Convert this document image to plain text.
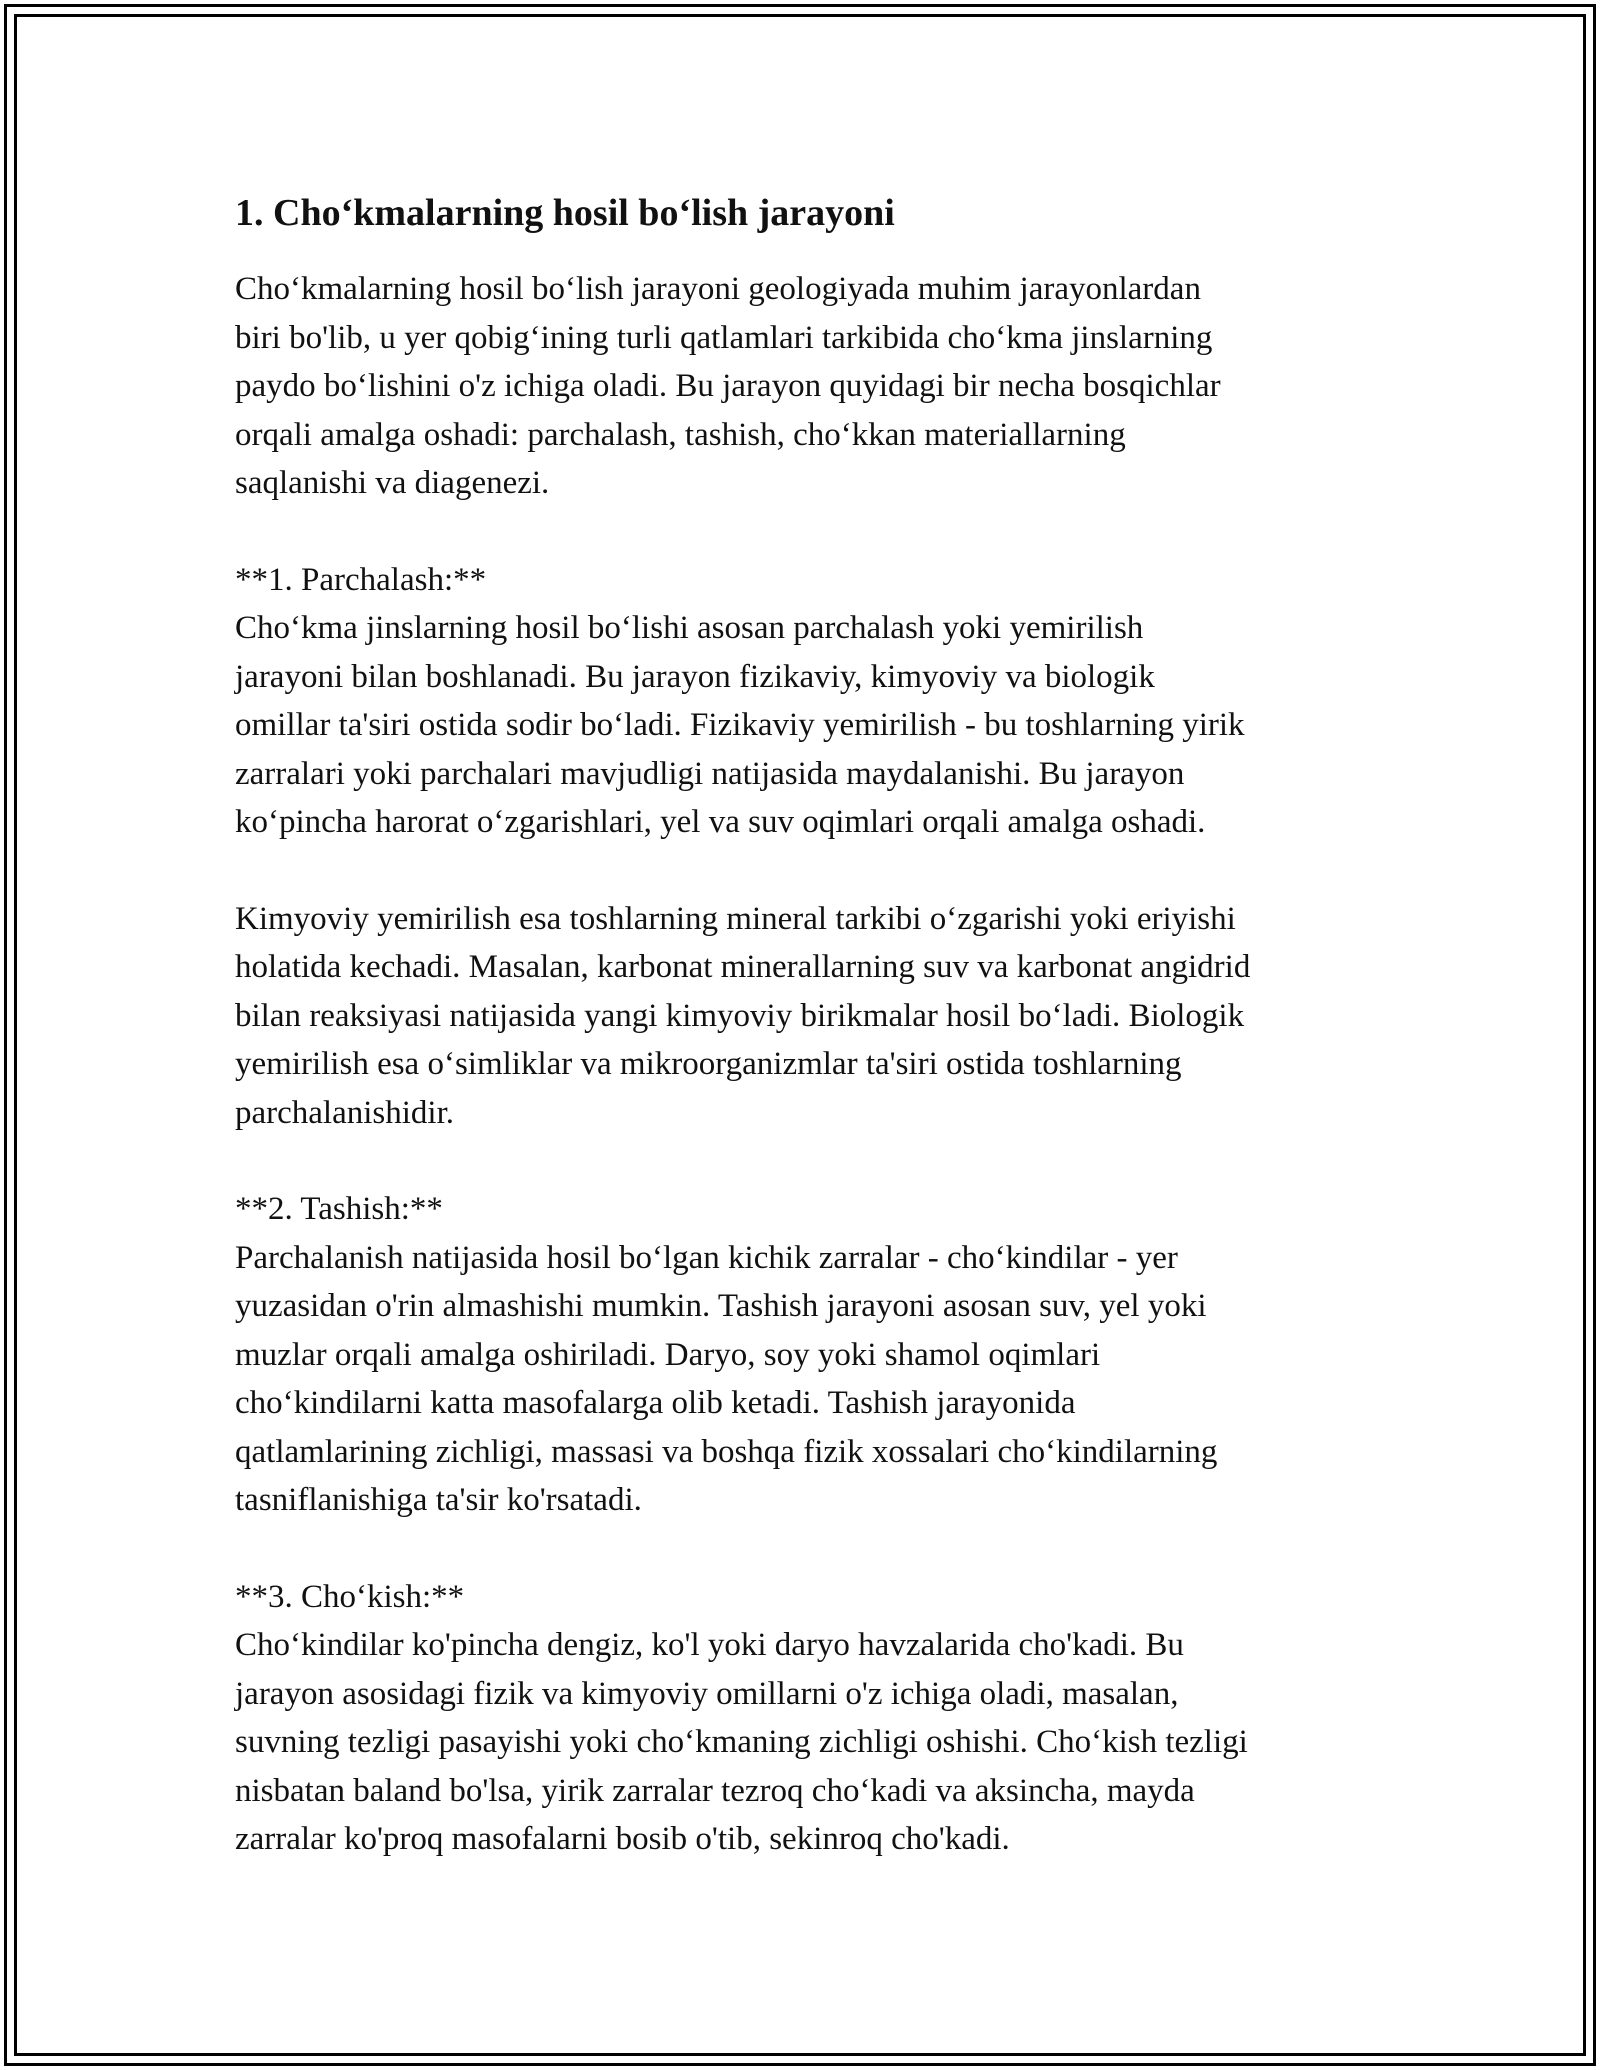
1. Cho‘kmalarning hosil bo‘lish jarayoni
Cho‘kmalarning hosil bo‘lish jarayoni geologiyada muhim jarayonlardan
biri bo'lib, u yer qobig‘ining turli qatlamlari tarkibida cho‘kma jinslarning
paydo bo‘lishini o'z ichiga oladi. Bu jarayon quyidagi bir necha bosqichlar
orqali amalga oshadi: parchalash, tashish, cho‘kkan materiallarning
saqlanishi va diagenezi.
**1. Parchalash:**
Cho‘kma jinslarning hosil bo‘lishi asosan parchalash yoki yemirilish
jarayoni bilan boshlanadi. Bu jarayon fizikaviy, kimyoviy va biologik
omillar ta'siri ostida sodir bo‘ladi. Fizikaviy yemirilish - bu toshlarning yirik
zarralari yoki parchalari mavjudligi natijasida maydalanishi. Bu jarayon
ko‘pincha harorat o‘zgarishlari, yel va suv oqimlari orqali amalga oshadi.
Kimyoviy yemirilish esa toshlarning mineral tarkibi o‘zgarishi yoki eriyishi
holatida kechadi. Masalan, karbonat minerallarning suv va karbonat angidrid
bilan reaksiyasi natijasida yangi kimyoviy birikmalar hosil bo‘ladi. Biologik
yemirilish esa o‘simliklar va mikroorganizmlar ta'siri ostida toshlarning
parchalanishidir.
**2. Tashish:**
Parchalanish natijasida hosil bo‘lgan kichik zarralar - cho‘kindilar - yer
yuzasidan o'rin almashishi mumkin. Tashish jarayoni asosan suv, yel yoki
muzlar orqali amalga oshiriladi. Daryo, soy yoki shamol oqimlari
cho‘kindilarni katta masofalarga olib ketadi. Tashish jarayonida
qatlamlarining zichligi, massasi va boshqa fizik xossalari cho‘kindilarning
tasniflanishiga ta'sir ko'rsatadi.
**3. Cho‘kish:**
Cho‘kindilar ko'pincha dengiz, ko'l yoki daryo havzalarida cho'kadi. Bu
jarayon asosidagi fizik va kimyoviy omillarni o'z ichiga oladi, masalan,
suvning tezligi pasayishi yoki cho‘kmaning zichligi oshishi. Cho‘kish tezligi
nisbatan baland bo'lsa, yirik zarralar tezroq cho‘kadi va aksincha, mayda
zarralar ko'proq masofalarni bosib o'tib, sekinroq cho'kadi.
